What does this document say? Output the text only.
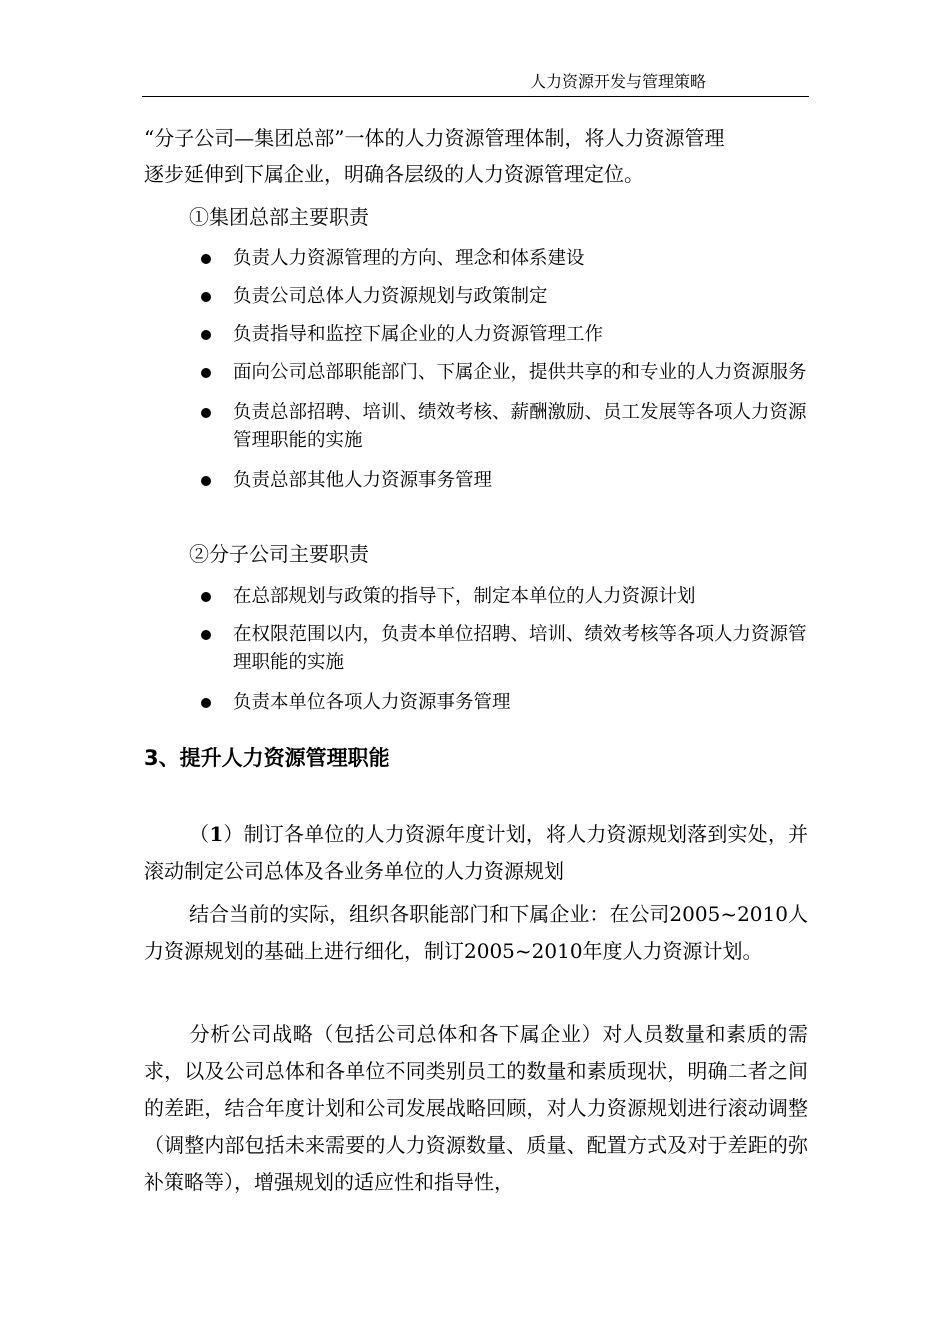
人力资源开发与管理策略
“分子公司—集团总部”一体的人力资源管理体制，将人力资源管理
逐步延伸到下属企业，明确各层级的人力资源管理定位。
①集团总部主要职责
负责人力资源管理的方向、理念和体系建设
负责公司总体人力资源规划与政策制定
负责指导和监控下属企业的人力资源管理工作
面向公司总部职能部门、下属企业，提供共享的和专业的人力资源服务
负责总部招聘、培训、绩效考核、薪酬激励、员工发展等各项人力资源管理职能的实施
负责总部其他人力资源事务管理
②分子公司主要职责
在总部规划与政策的指导下，制定本单位的人力资源计划
在权限范围以内，负责本单位招聘、培训、绩效考核等各项人力资源管理职能的实施
负责本单位各项人力资源事务管理
3、提升人力资源管理职能
（1）制订各单位的人力资源年度计划，将人力资源规划落到实处，并滚动制定公司总体及各业务单位的人力资源规划
结合当前的实际，组织各职能部门和下属企业：在公司2005~2010人力资源规划的基础上进行细化，制订2005~2010年度人力资源计划。
分析公司战略（包括公司总体和各下属企业）对人员数量和素质的需求，以及公司总体和各单位不同类别员工的数量和素质现状，明确二者之间的差距，结合年度计划和公司发展战略回顾，对人力资源规划进行滚动调整（调整内部包括未来需要的人力资源数量、质量、配置方式及对于差距的弥补策略等），增强规划的适应性和指导性，
